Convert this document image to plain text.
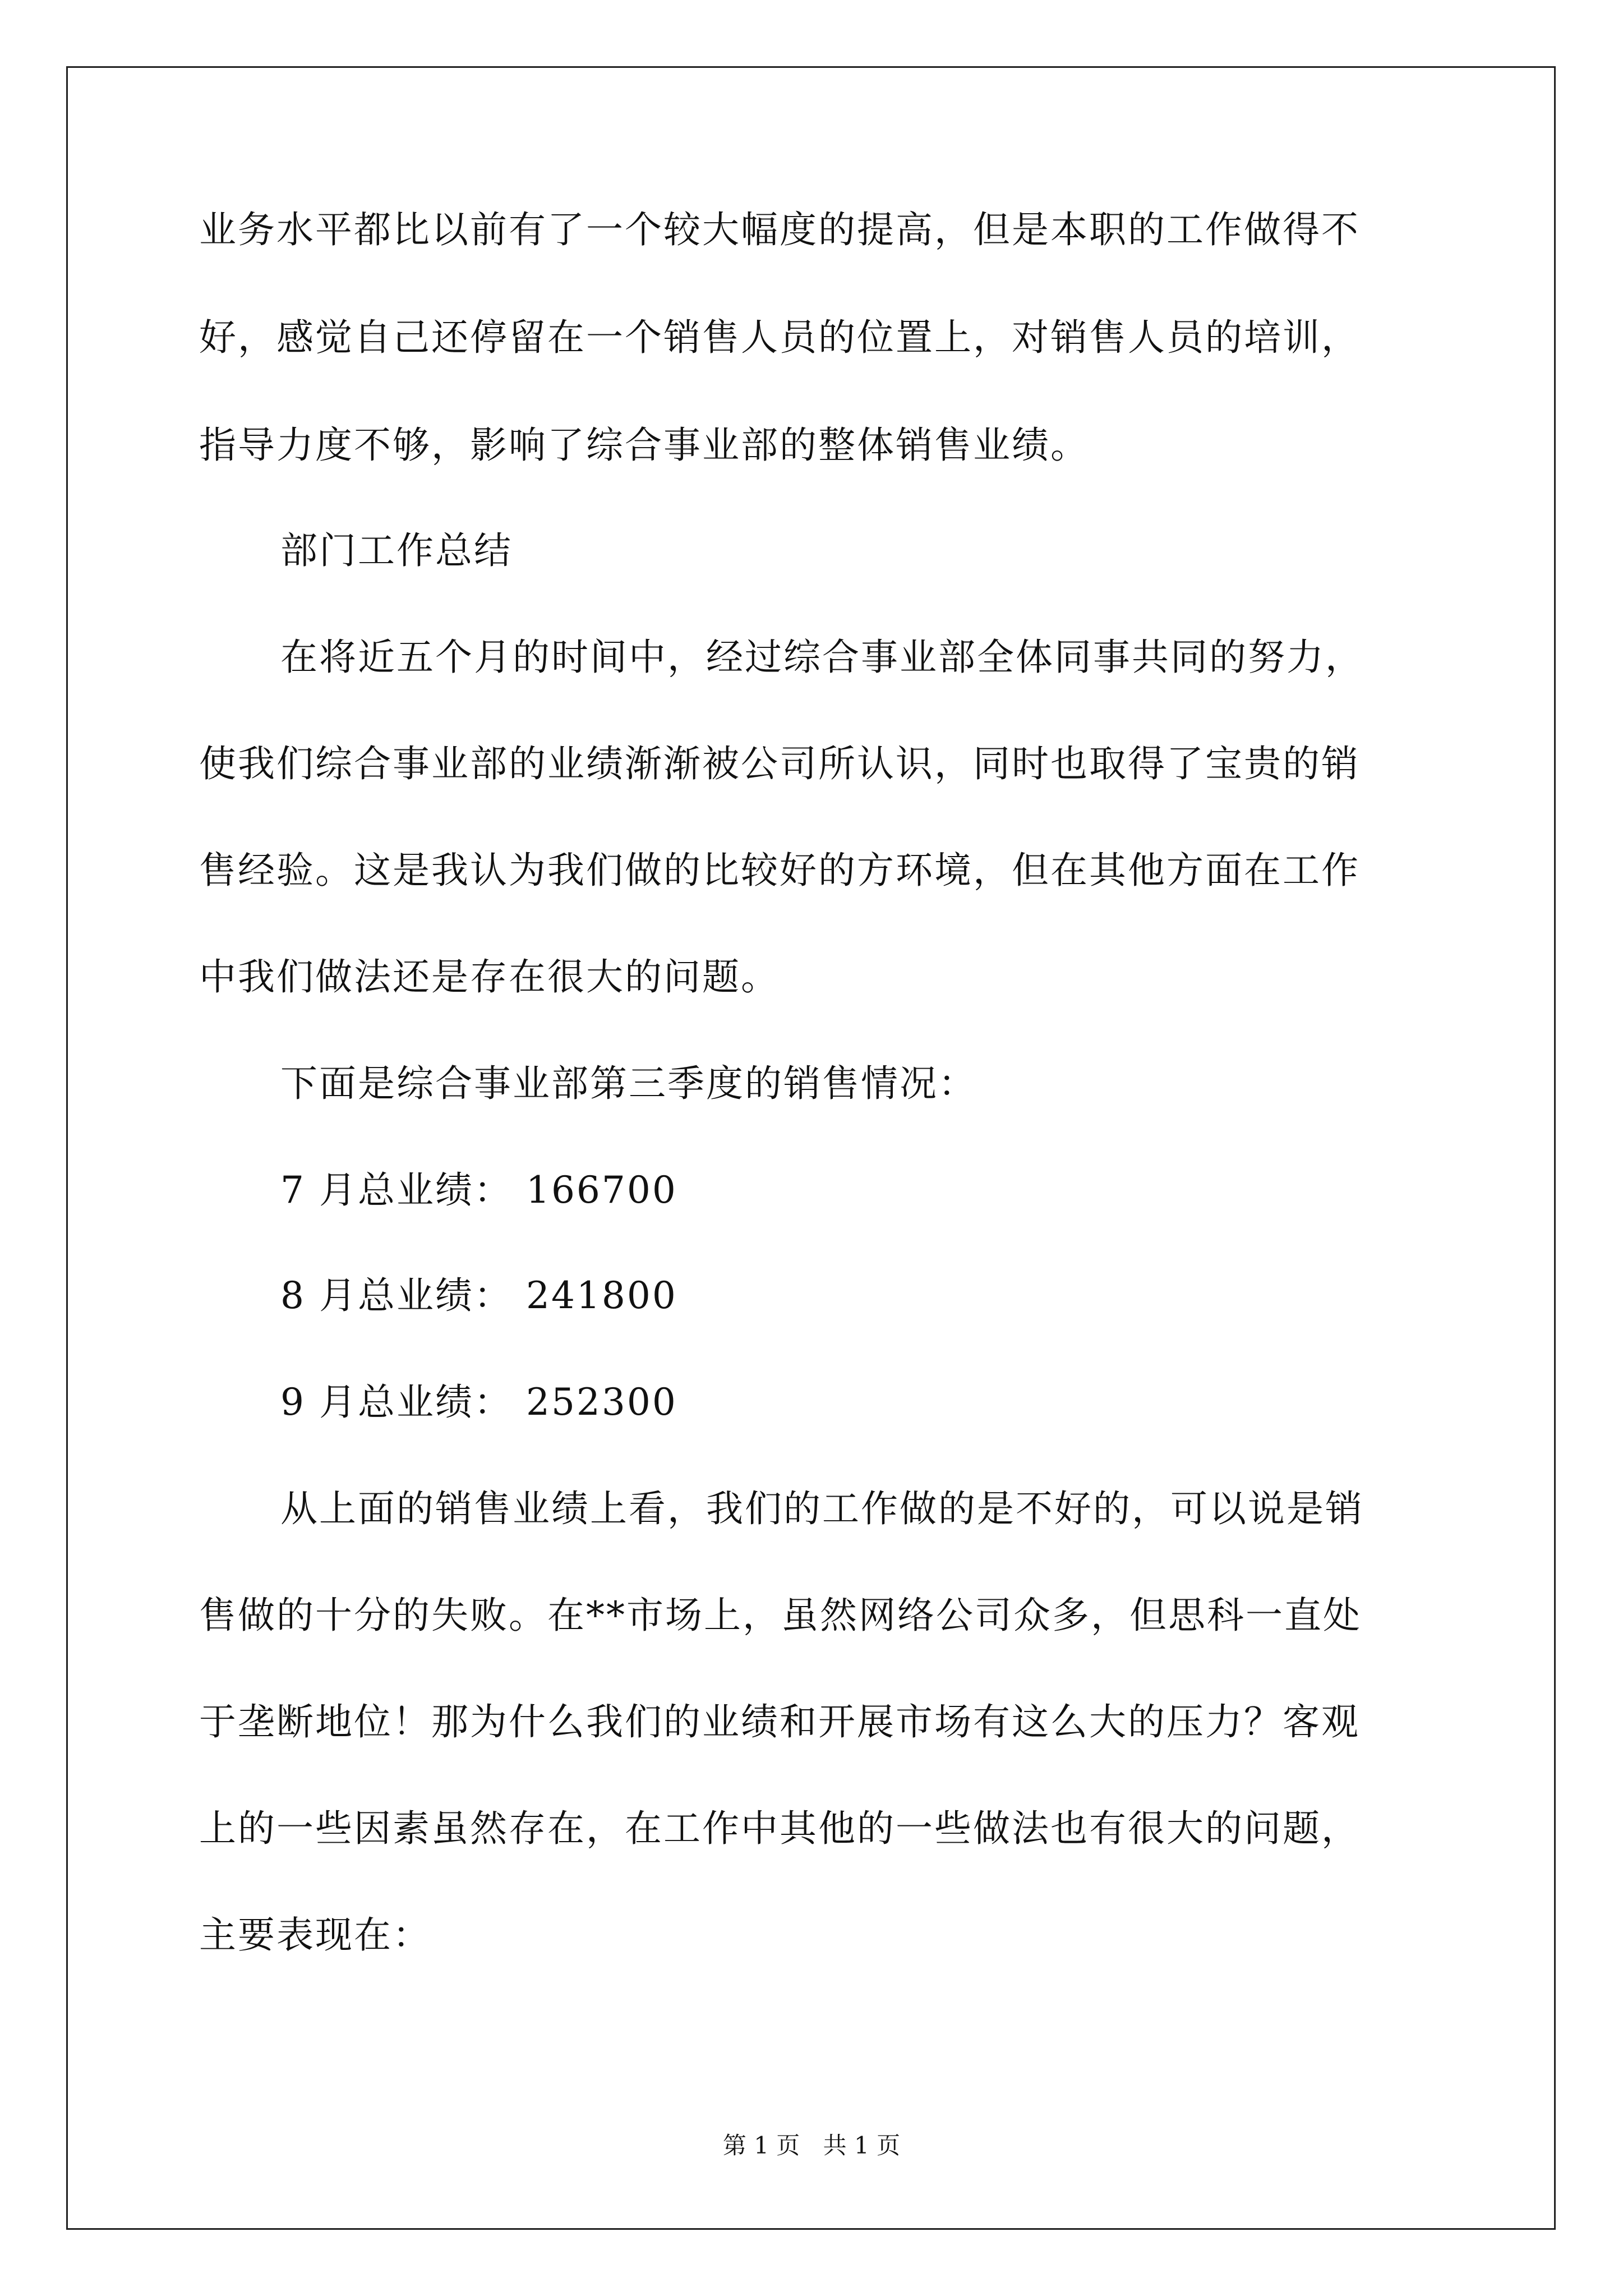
业务水平都比以前有了一个较大幅度的提高，但是本职的工作做得不
好，感觉自己还停留在一个销售人员的位置上，对销售人员的培训，
指导力度不够，影响了综合事业部的整体销售业绩。
部门工作总结
在将近五个月的时间中，经过综合事业部全体同事共同的努力，
使我们综合事业部的业绩渐渐被公司所认识，同时也取得了宝贵的销
售经验。这是我认为我们做的比较好的方环境，但在其他方面在工作
中我们做法还是存在很大的问题。
下面是综合事业部第三季度的销售情况：
7 月总业绩： 166700
8 月总业绩： 241800
9 月总业绩： 252300
从上面的销售业绩上看，我们的工作做的是不好的，可以说是销
售做的十分的失败。在**市场上，虽然网络公司众多，但思科一直处
于垄断地位！那为什么我们的业绩和开展市场有这么大的压力？客观
上的一些因素虽然存在，在工作中其他的一些做法也有很大的问题，
主要表现在：
第 1 页 共 1 页
